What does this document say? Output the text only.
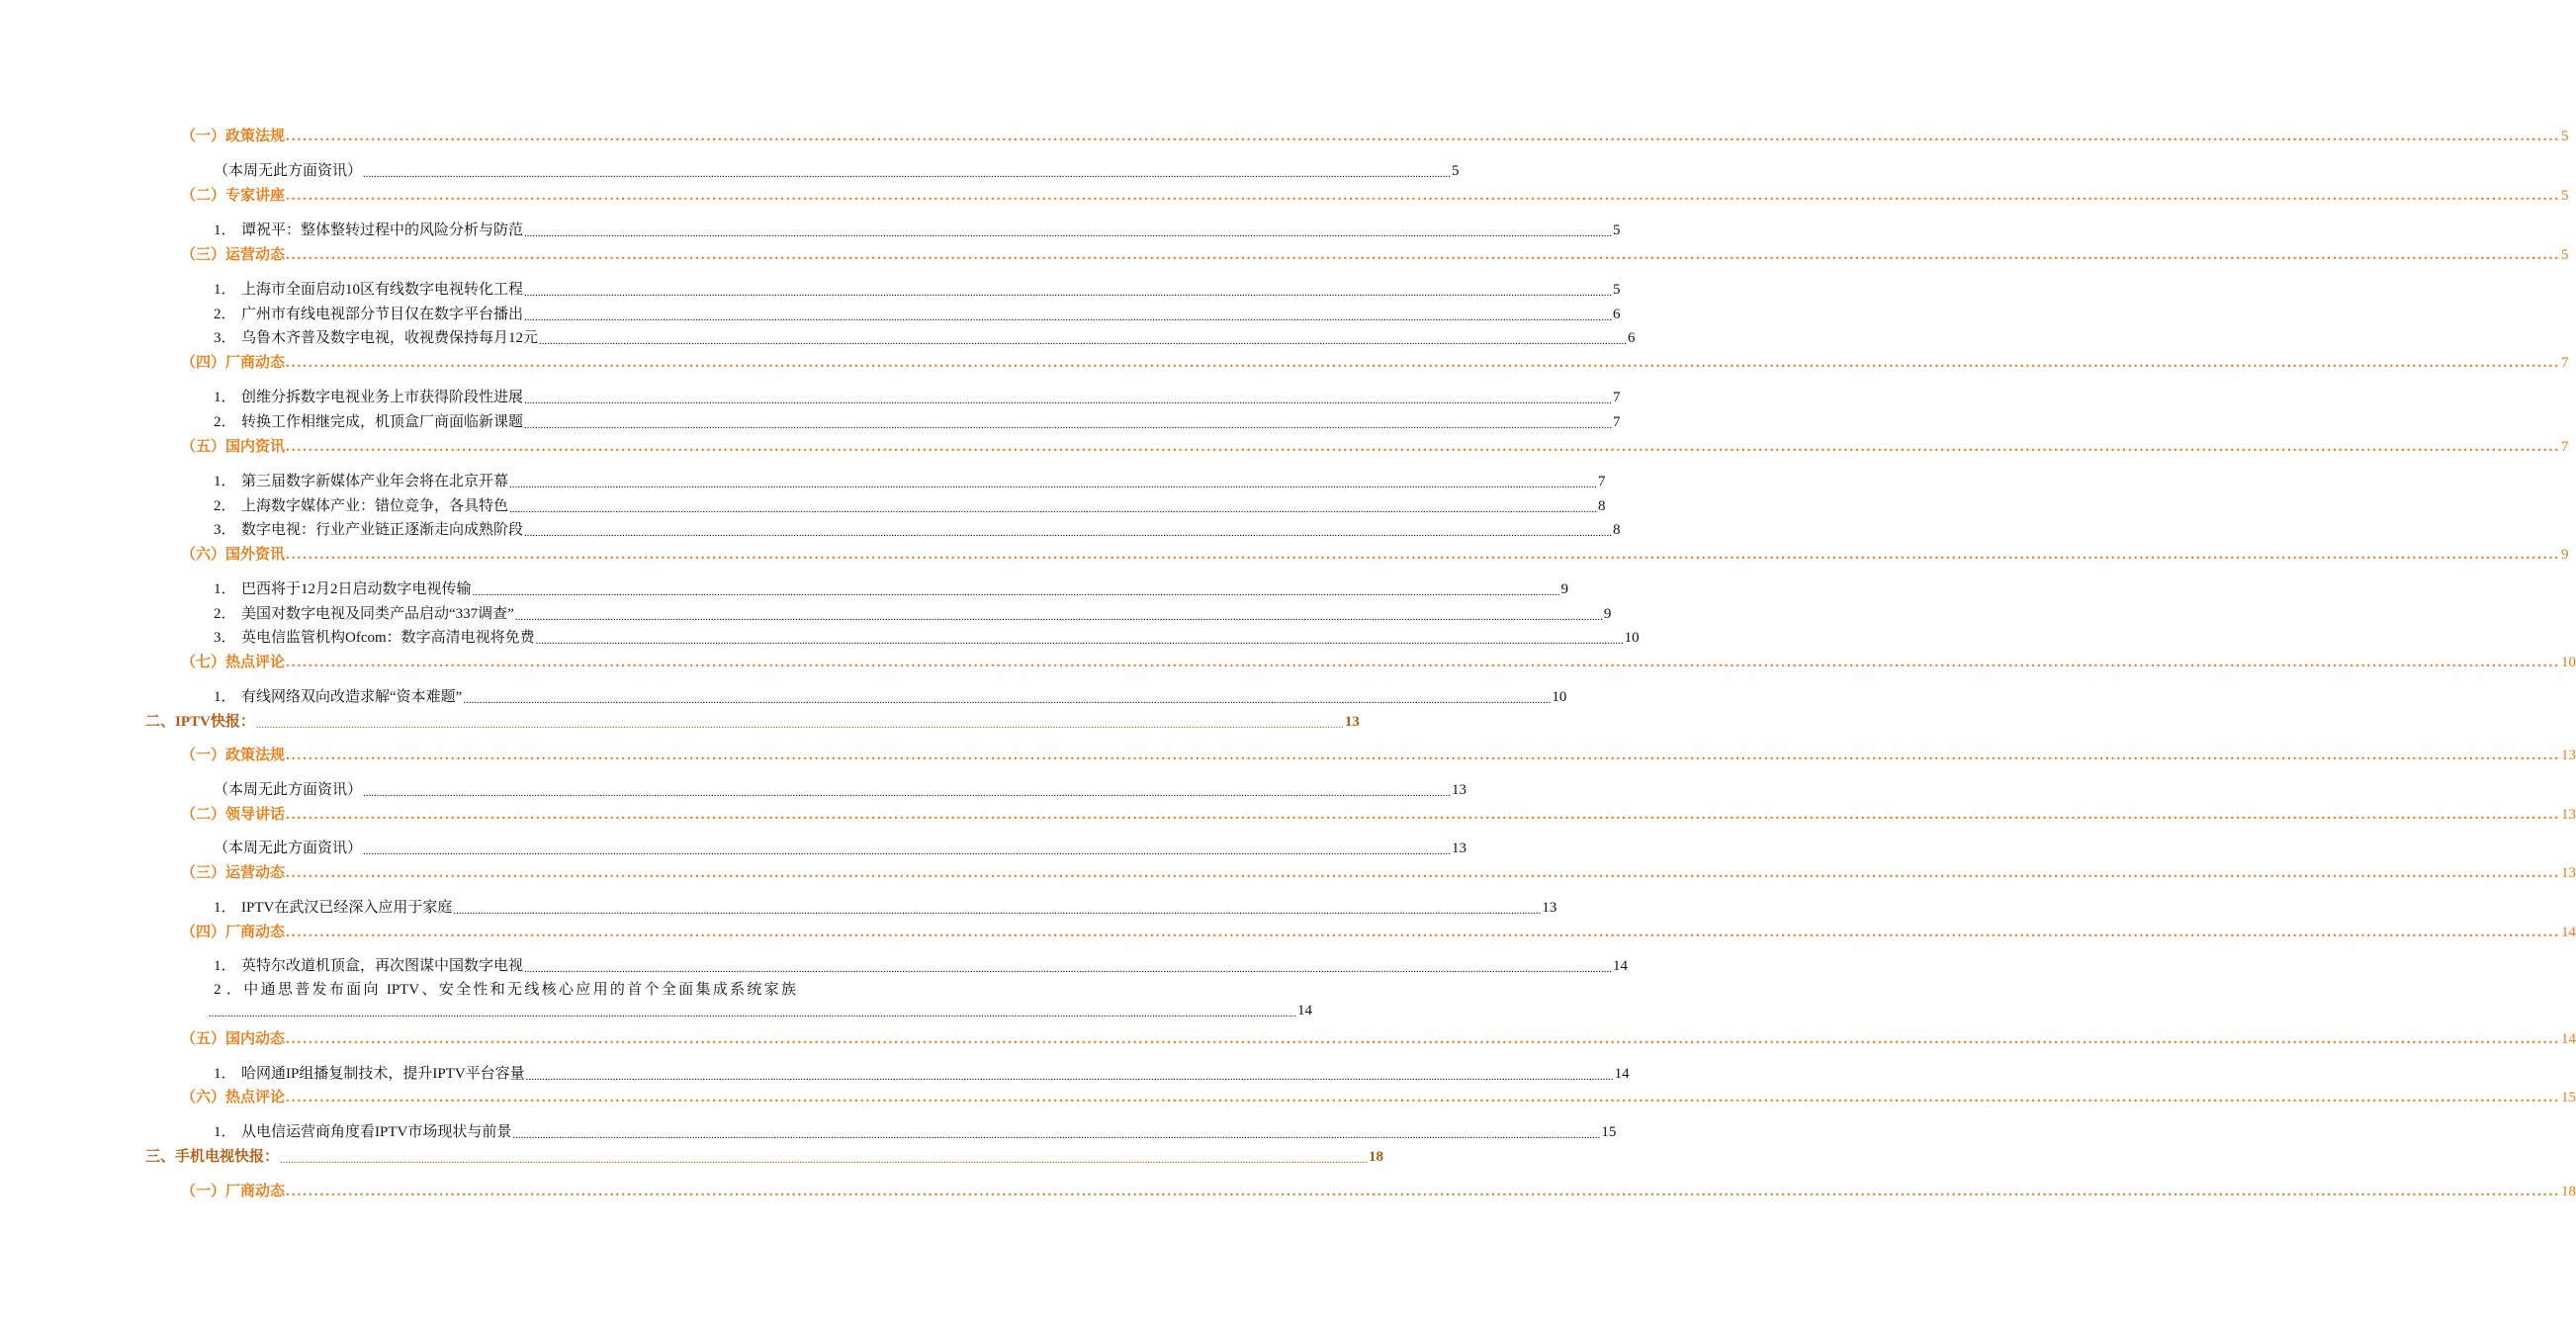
（一）政策法规 ................................................................................................................................................................................................................................................................................................................................................................................................................ 5
（本周无此方面资讯） ................................................................................................................................................................................................................................................................................................................................................................................................................ 5
（二）专家讲座 ................................................................................................................................................................................................................................................................................................................................................................................................................ 5
1． 谭祝平：整体整转过程中的风险分析与防范 ................................................................................................................................................................................................................................................................................................................................................................................................................ 5
（三）运营动态 ................................................................................................................................................................................................................................................................................................................................................................................................................ 5
1． 上海市全面启动10区有线数字电视转化工程 ................................................................................................................................................................................................................................................................................................................................................................................................................ 5
2． 广州市有线电视部分节目仅在数字平台播出 ................................................................................................................................................................................................................................................................................................................................................................................................................ 6
3． 乌鲁木齐普及数字电视，收视费保持每月12元 ................................................................................................................................................................................................................................................................................................................................................................................................................ 6
（四）厂商动态 ................................................................................................................................................................................................................................................................................................................................................................................................................ 7
1． 创维分拆数字电视业务上市获得阶段性进展 ................................................................................................................................................................................................................................................................................................................................................................................................................ 7
2． 转换工作相继完成，机顶盒厂商面临新课题 ................................................................................................................................................................................................................................................................................................................................................................................................................ 7
（五）国内资讯 ................................................................................................................................................................................................................................................................................................................................................................................................................ 7
1． 第三届数字新媒体产业年会将在北京开幕 ................................................................................................................................................................................................................................................................................................................................................................................................................ 7
2． 上海数字媒体产业：错位竞争，各具特色 ................................................................................................................................................................................................................................................................................................................................................................................................................ 8
3． 数字电视：行业产业链正逐渐走向成熟阶段 ................................................................................................................................................................................................................................................................................................................................................................................................................ 8
（六）国外资讯 ................................................................................................................................................................................................................................................................................................................................................................................................................ 9
1． 巴西将于12月2日启动数字电视传输 ................................................................................................................................................................................................................................................................................................................................................................................................................ 9
2． 美国对数字电视及同类产品启动“337调查” ................................................................................................................................................................................................................................................................................................................................................................................................................ 9
3． 英电信监管机构Ofcom：数字高清电视将免费 ................................................................................................................................................................................................................................................................................................................................................................................................................ 10
（七）热点评论 ................................................................................................................................................................................................................................................................................................................................................................................................................ 10
1． 有线网络双向改造求解“资本难题” ................................................................................................................................................................................................................................................................................................................................................................................................................ 10
二、IPTV快报： ................................................................................................................................................................................................................................................................................................................................................................................................................ 13
（一）政策法规 ................................................................................................................................................................................................................................................................................................................................................................................................................ 13
（本周无此方面资讯） ................................................................................................................................................................................................................................................................................................................................................................................................................ 13
（二）领导讲话 ................................................................................................................................................................................................................................................................................................................................................................................................................ 13
（本周无此方面资讯） ................................................................................................................................................................................................................................................................................................................................................................................................................ 13
（三）运营动态 ................................................................................................................................................................................................................................................................................................................................................................................................................ 13
1． IPTV在武汉已经深入应用于家庭 ................................................................................................................................................................................................................................................................................................................................................................................................................ 13
（四）厂商动态 ................................................................................................................................................................................................................................................................................................................................................................................................................ 14
1． 英特尔改道机顶盒，再次图谋中国数字电视 ................................................................................................................................................................................................................................................................................................................................................................................................................ 14
2．中通思普发布面向 IPTV、安全性和无线核心应用的首个全面集成系统家族
................................................................................................................................................................................................................................................................................................................................................................................................................ 14
（五）国内动态 ................................................................................................................................................................................................................................................................................................................................................................................................................ 14
1． 哈网通IP组播复制技术，提升IPTV平台容量 ................................................................................................................................................................................................................................................................................................................................................................................................................ 14
（六）热点评论 ................................................................................................................................................................................................................................................................................................................................................................................................................ 15
1． 从电信运营商角度看IPTV市场现状与前景 ................................................................................................................................................................................................................................................................................................................................................................................................................ 15
三、手机电视快报： ................................................................................................................................................................................................................................................................................................................................................................................................................ 18
（一）厂商动态 ................................................................................................................................................................................................................................................................................................................................................................................................................ 18
